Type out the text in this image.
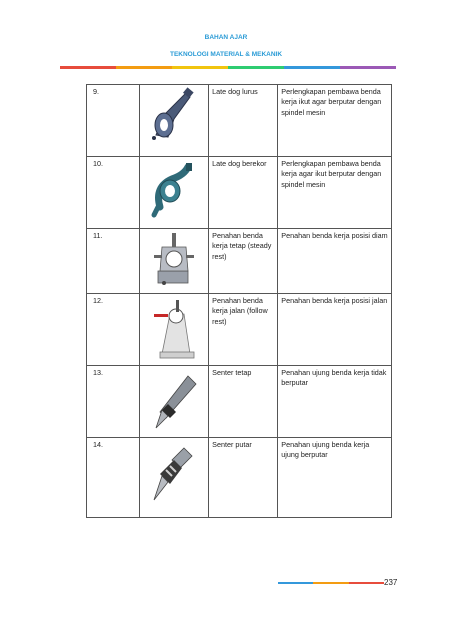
BAHAN AJAR
TEKNOLOGI MATERIAL & MEKANIK
9.		Late dog lurus	Perlengkapan pembawa benda kerja ikut agar berputar dengan spindel mesin
10.		Late dog berekor	Perlengkapan pembawa benda kerja agar ikut berputar dengan spindel mesin
11.		Penahan benda kerja tetap (steady rest)	Penahan benda kerja posisi diam
12.		Penahan benda kerja jalan (follow rest)	Penahan benda kerja posisi jalan
13.		Senter tetap	Penahan ujung benda kerja tidak berputar
14.		Senter putar	Penahan ujung benda kerja ujung berputar
237
